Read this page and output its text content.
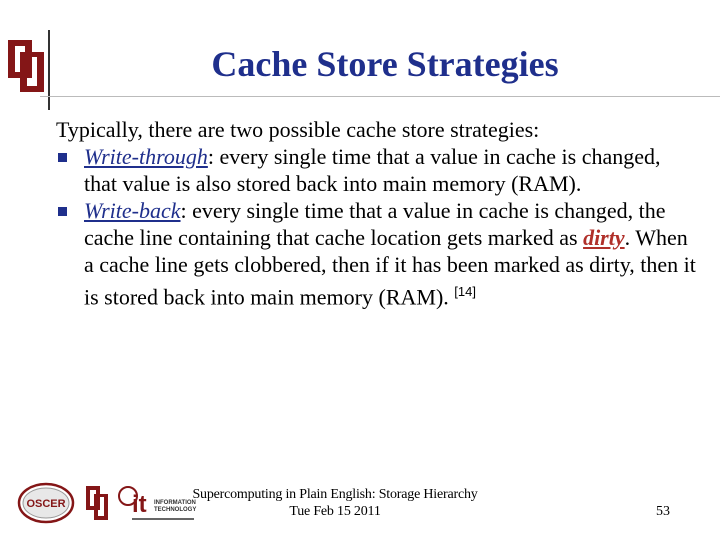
Cache Store Strategies

Typically, there are two possible cache store strategies:

Write-through: every single time that a value in cache is changed, that value is also stored back into main memory (RAM).

Write-back: every single time that a value in cache is changed, the cache line containing that cache location gets marked as dirty. When a cache line gets clobbered, then if it has been marked as dirty, then it is stored back into main memory (RAM). [14]

OSCER	it INFORMATION
TECHNOLOGY
Supercomputing in Plain English: Storage Hierarchy
Tue Feb 15 2011	53
